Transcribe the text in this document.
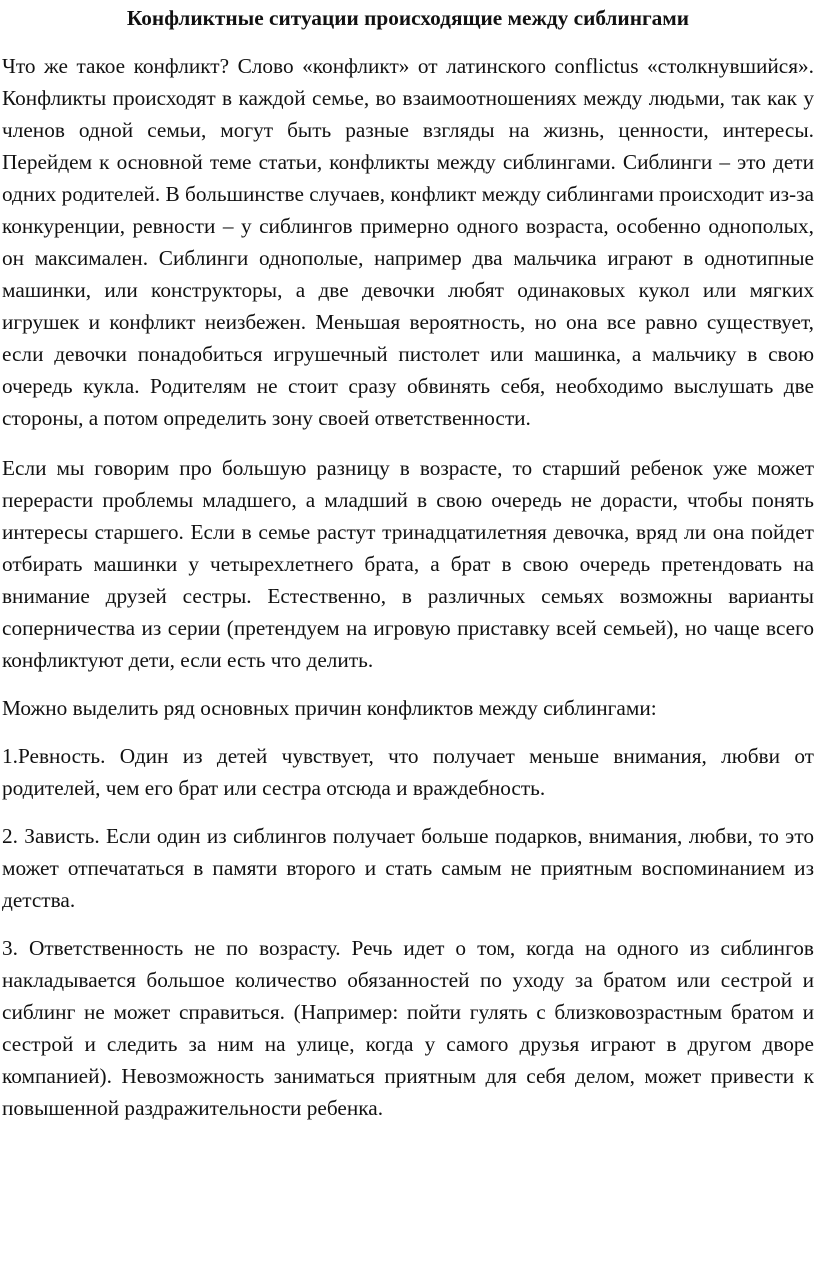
Конфликтные ситуации происходящие между сиблингами

Что же такое конфликт? Слово «конфликт» от латинского conflictus «столкнувшийся». Конфликты происходят в каждой семье, во взаимоотношениях между людьми, так как у членов одной семьи, могут быть разные взгляды на жизнь, ценности, интересы. Перейдем к основной теме статьи, конфликты между сиблингами. Сиблинги – это дети одних родителей. В большинстве случаев, конфликт между сиблингами происходит из-за конкуренции, ревности – у сиблингов примерно одного возраста, особенно однополых, он максимален. Сиблинги однополые, например два мальчика играют в однотипные машинки, или конструкторы, а две девочки любят одинаковых кукол или мягких игрушек и конфликт неизбежен. Меньшая вероятность, но она все равно существует, если девочки понадобиться игрушечный пистолет или машинка, а мальчику в свою очередь кукла. Родителям не стоит сразу обвинять себя, необходимо выслушать две стороны, а потом определить зону своей ответственности.

Если мы говорим про большую разницу в возрасте, то старший ребенок уже может перерасти проблемы младшего, а младший в свою очередь не дорасти, чтобы понять интересы старшего. Если в семье растут тринадцатилетняя девочка, вряд ли она пойдет отбирать машинки у четырехлетнего брата, а брат в свою очередь претендовать на внимание друзей сестры. Естественно, в различных семьях возможны варианты соперничества из серии (претендуем на игровую приставку всей семьей), но чаще всего конфликтуют дети, если есть что делить.

Можно выделить ряд основных причин конфликтов между сиблингами:

1.Ревность. Один из детей чувствует, что получает меньше внимания, любви от родителей, чем его брат или сестра отсюда и враждебность.

2. Зависть. Если один из сиблингов получает больше подарков, внимания, любви, то это может отпечататься в памяти второго и стать самым не приятным воспоминанием из детства.

3. Ответственность не по возрасту. Речь идет о том, когда на одного из сиблингов накладывается большое количество обязанностей по уходу за братом или сестрой и сиблинг не может справиться. (Например: пойти гулять с близковозрастным братом и сестрой и следить за ним на улице, когда у самого друзья играют в другом дворе компанией). Невозможность заниматься приятным для себя делом, может привести к повышенной раздражительности ребенка.
